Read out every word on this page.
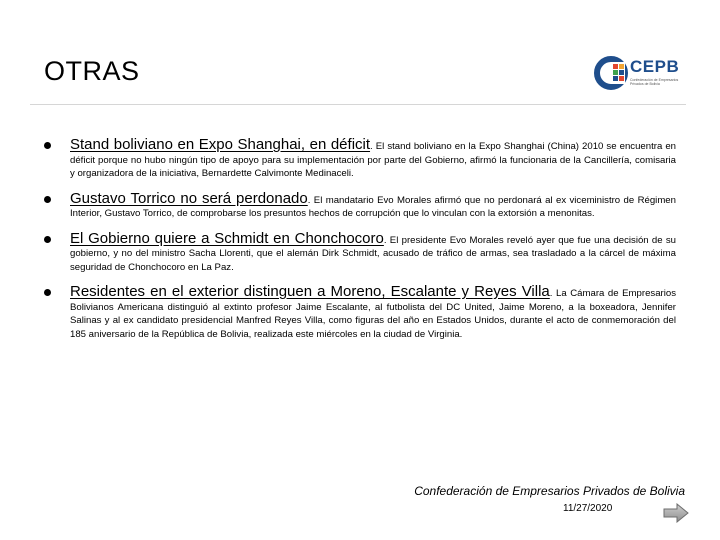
OTRAS	CEPB
Confederación de Empresarios Privados de Bolivia
Stand boliviano en Expo Shanghai, en déficit. El stand boliviano en la Expo Shanghai (China) 2010 se encuentra en déficit porque no hubo ningún tipo de apoyo para su implementación por parte del Gobierno, afirmó la funcionaria de la Cancillería, comisaria y organizadora de la iniciativa, Bernardette Calvimonte Medinaceli.
Gustavo Torrico no será perdonado. El mandatario Evo Morales afirmó que no perdonará al ex viceministro de Régimen Interior, Gustavo Torrico, de comprobarse los presuntos hechos de corrupción que lo vinculan con la extorsión a menonitas.
El Gobierno quiere a Schmidt en Chonchocoro. El presidente Evo Morales reveló ayer que fue una decisión de su gobierno, y no del ministro Sacha Llorenti, que el alemán Dirk Schmidt, acusado de tráfico de armas, sea trasladado a la cárcel de máxima seguridad de Chonchocoro en La Paz.
Residentes en el exterior distinguen a Moreno, Escalante y Reyes Villa. La Cámara de Empresarios Bolivianos Americana distinguió al extinto profesor Jaime Escalante, al futbolista del DC United, Jaime Moreno, a la boxeadora, Jennifer Salinas y al ex candidato presidencial Manfred Reyes Villa, como figuras del año en Estados Unidos, durante el acto de conmemoración del 185 aniversario de la República de Bolivia, realizada este miércoles en la ciudad de Virginia.
Confederación de Empresarios Privados de Bolivia
11/27/2020
